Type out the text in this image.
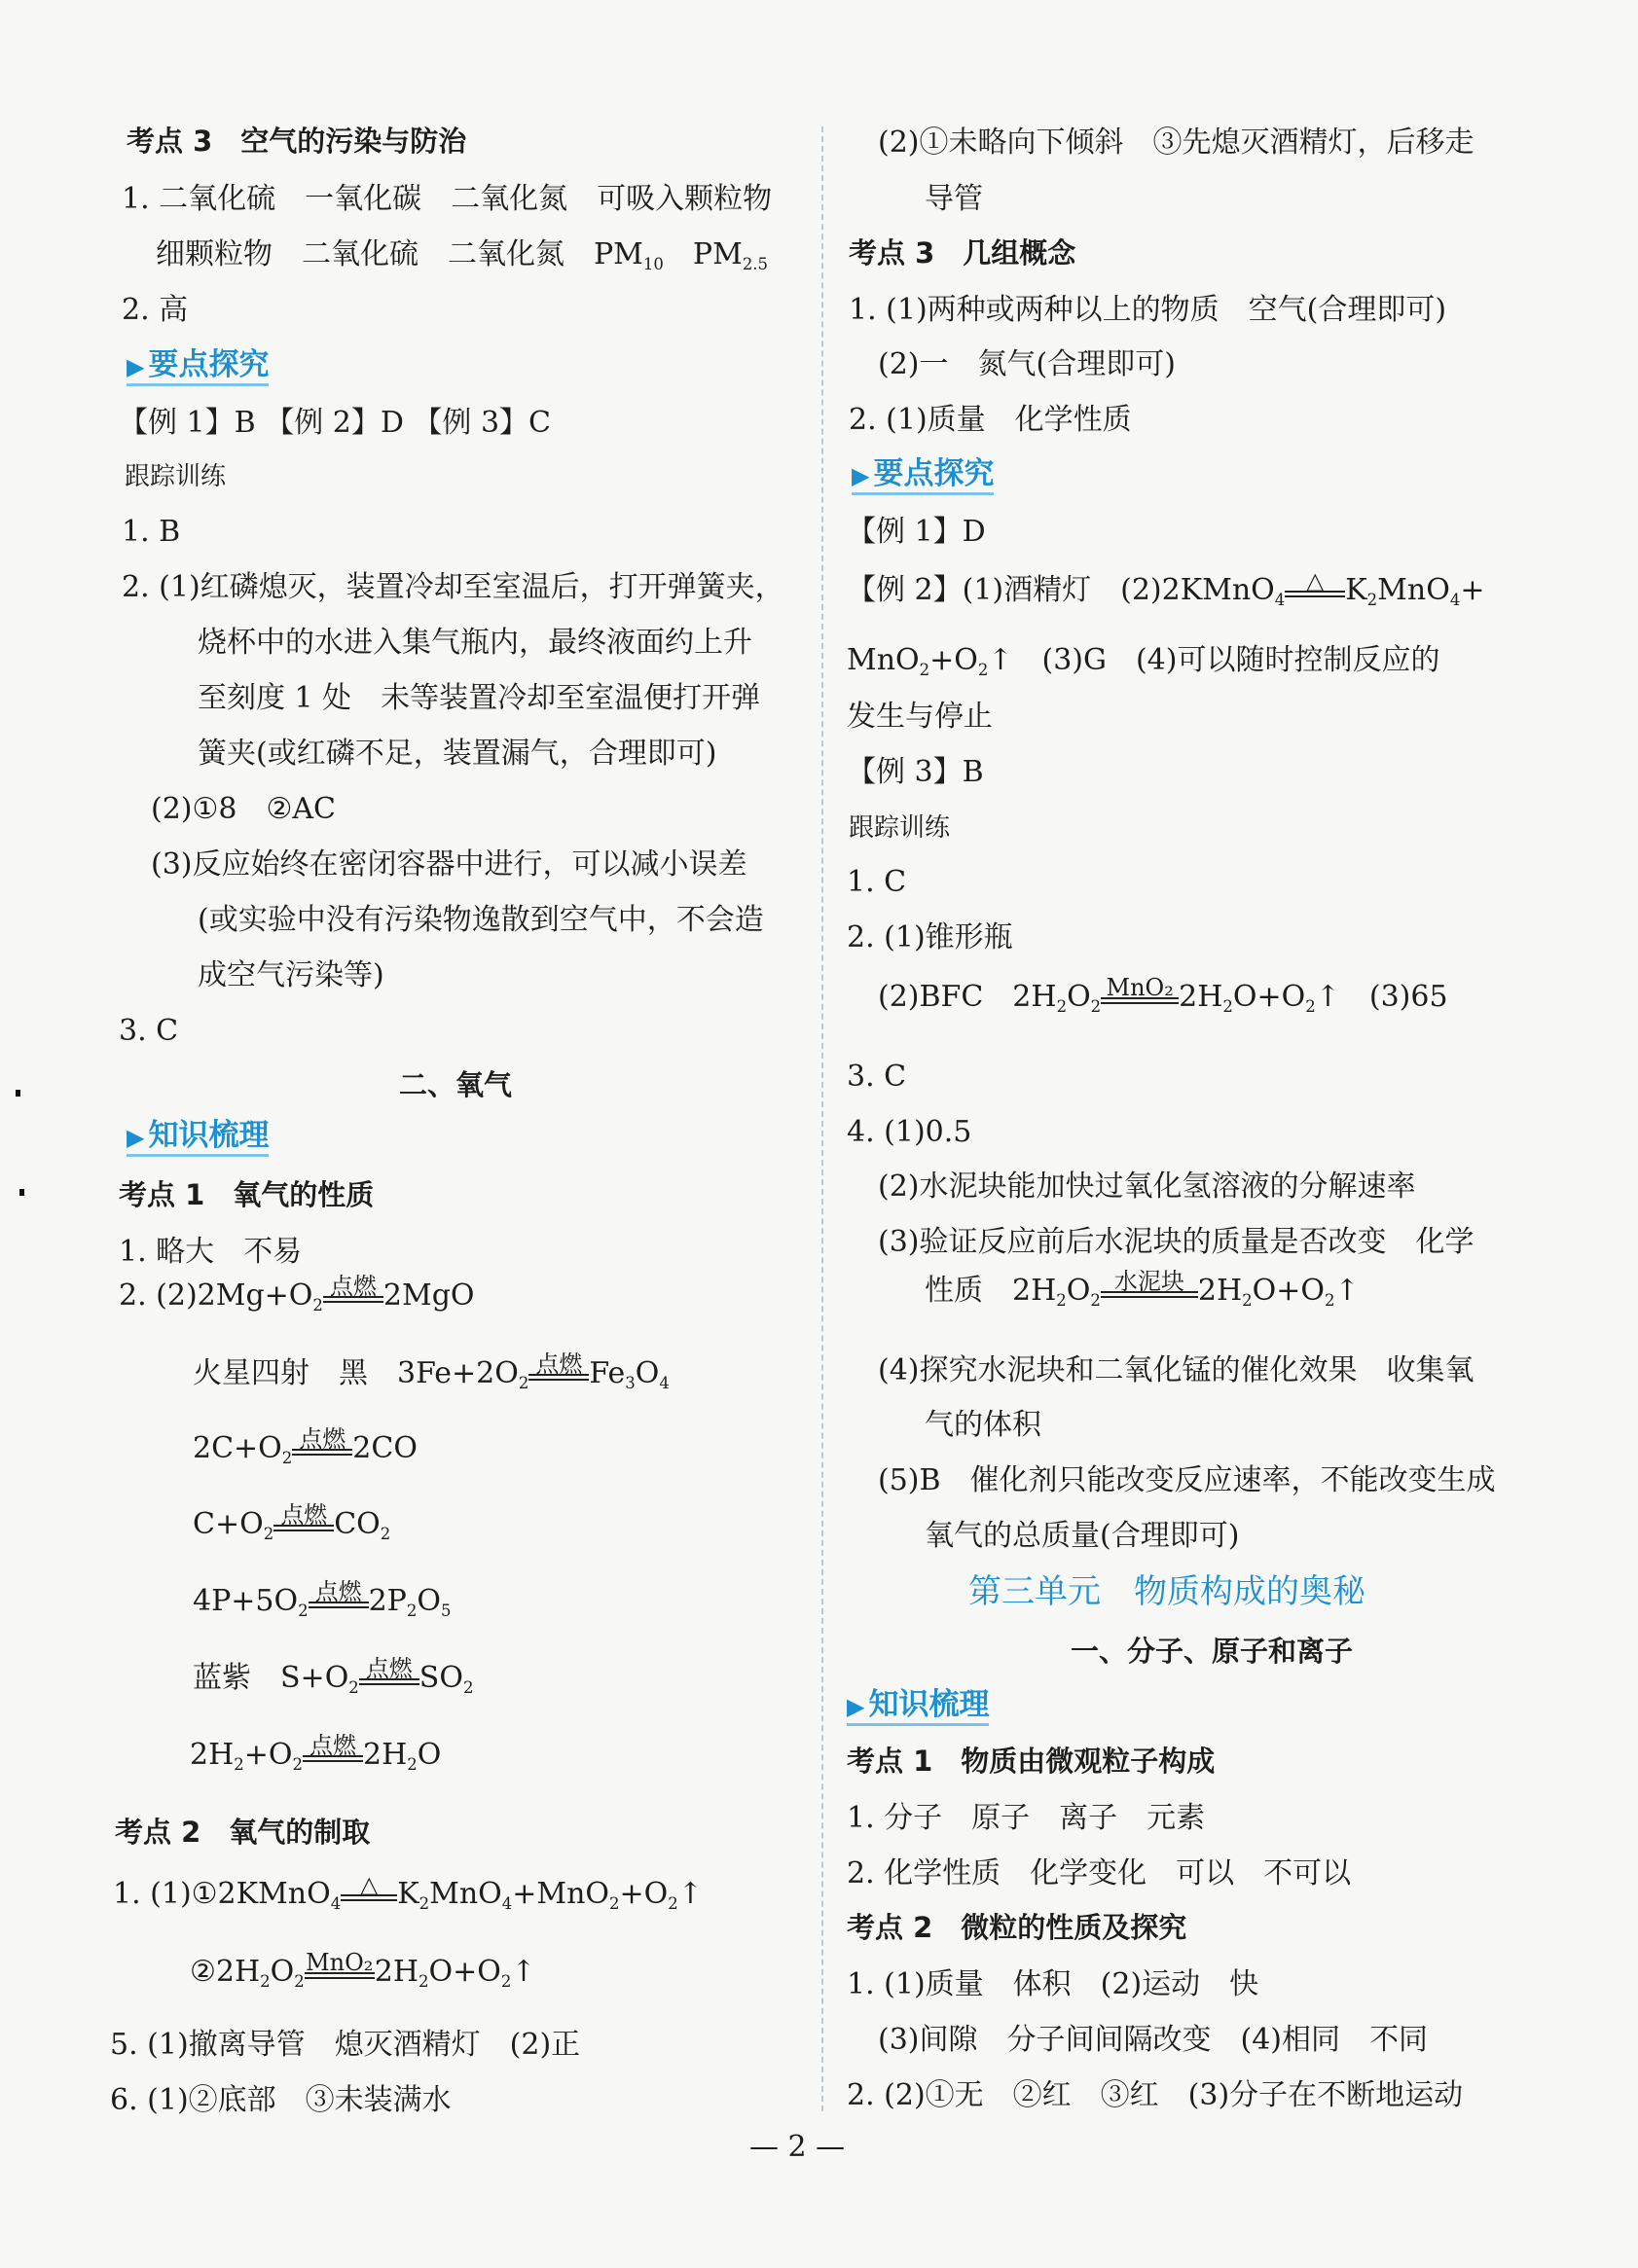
考点 3　空气的污染与防治
1. 二氧化硫　一氧化碳　二氧化氮　可吸入颗粒物
细颗粒物　二氧化硫　二氧化氮　$PM_{10}$　$PM_{2.5}$
2. 高
▶ 要点探究
【例 1】B 【例 2】D 【例 3】C
跟踪训练
1. B
2. (1)红磷熄灭，装置冷却至室温后，打开弹簧夹，
烧杯中的水进入集气瓶内，最终液面约上升
至刻度 1 处　未等装置冷却至室温便打开弹
簧夹(或红磷不足，装置漏气，合理即可)
(2)①8　②AC
(3)反应始终在密闭容器中进行，可以减小误差
(或实验中没有污染物逸散到空气中，不会造
成空气污染等)
3. C
二、氧气
▶ 知识梳理
考点 1　氧气的性质
1. 略大　不易
2. $(2)2Mg+O_2$
点燃 2MgO
火星四射　黑　$3Fe+2O_2$
点燃 $Fe_3O_4$
$2C+O_2$
点燃 2CO
$C+O_2$
点燃 $CO_2$
$4P+5O_2$
点燃 $2P_2O_5$
蓝紫　$S+O_2$
点燃 $SO_2$
$2H_2+O_2$
点燃 $2H_2O$
考点 2　氧气的制取
1. (1)①2KMnO$_4$
△ $K_2MnO_4+MnO_2+O_2↑$
$②2H_2O_2$
MnO₂ $2H_2O+O_2↑$
5. (1)撤离导管　熄灭酒精灯　(2)正
6. (1)②底部　③未装满水
(2)①未略向下倾斜　③先熄灭酒精灯，后移走
导管
考点 3　几组概念
1. (1)两种或两种以上的物质　空气(合理即可)
(2)一　氮气(合理即可)
2. (1)质量　化学性质
▶ 要点探究
【例 1】D
【例 2】(1)酒精灯　(2)2KMnO$_4$
△ $K_2MnO_4+$
$MnO_2+O_2↑$　(3)G　(4)可以随时控制反应的
发生与停止
【例 3】B
跟踪训练
1. C
2. (1)锥形瓶
(2)BFC　$2H_2O_2$
MnO₂ $2H_2O+O_2↑$　(3)65
3. C
4. (1)0.5
(2)水泥块能加快过氧化氢溶液的分解速率
(3)验证反应前后水泥块的质量是否改变　化学
性质　$2H_2O_2$
水泥块 $2H_2O+O_2↑$
(4)探究水泥块和二氧化锰的催化效果　收集氧
气的体积
(5)B　催化剂只能改变反应速率，不能改变生成
氧气的总质量(合理即可)
第三单元　物质构成的奥秘
一、分子、原子和离子
▶ 知识梳理
考点 1　物质由微观粒子构成
1. 分子　原子　离子　元素
2. 化学性质　化学变化　可以　不可以
考点 2　微粒的性质及探究
1. (1)质量　体积　(2)运动　快
(3)间隙　分子间间隔改变　(4)相同　不同
2. (2)①无　②红　③红　(3)分子在不断地运动
— 2 —
